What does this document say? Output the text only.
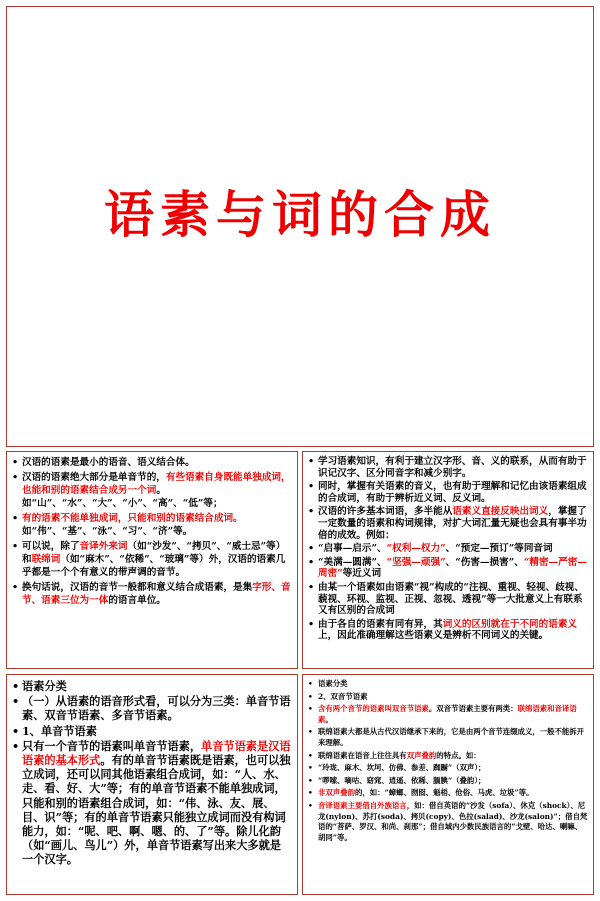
语素与词的合成
• 汉语的语素是最小的语音、语义结合体。
• 汉语的语素绝大部分是单音节的，有些语素自身既能单独成词，也能和别的语素结合成另一个词。如“山”、“水”、“大”、“小”、“高”、“低”等；
• 有的语素不能单独成词，只能和别的语素结合成词。如“伟”、“基”、“泳”、“习”、“济”等。
• 可以说，除了音译外来词（如“沙发”、“拷贝”、“威士忌”等）和联绵词（如“麻木”、“依稀”、“玻璃”等）外，汉语的语素几乎都是一个个有意义的带声调的音节。
• 换句话说，汉语的音节一般都和意义结合成语素，是集字形、音节、语素三位为一体的语言单位。
• 学习语素知识，有利于建立汉字形、音、义的联系，从而有助于识记汉字、区分同音字和减少别字。
• 同时，掌握有关语素的音义，也有助于理解和记忆由该语素组成的合成词，有助于辨析近义词、反义词。
• 汉语的许多基本词语，多半能从语素义直接反映出词义，掌握了一定数量的语素和构词规律，对扩大词汇量无疑也会具有事半功倍的成效。例如：
• “启事—启示”、“权利—权力”、“预定—预订”等同音词
• “美满—圆满”、“坚强—顽强”、“伤害—损害”、“精密—严密—周密”等近义词
• 由某一个语素如由语素“视”构成的“注视、重视、轻视、歧视、藐视、环视、监视、正视、忽视、透视”等一大批意义上有联系又有区别的合成词
• 由于各自的语素有同有异，其词义的区别就在于不同的语素义上，因此准确理解这些语素义是辨析不同词义的关键。
• 语素分类
• （一）从语素的语音形式看，可以分为三类：单音节语素、双音节语素、多音节语素。
• 1、单音节语素
• 只有一个音节的语素叫单音节语素，单音节语素是汉语语素的基本形式。有的单音节语素既是语素，也可以独立成词，还可以同其他语素组合成词，如：“人、水、走、看、好、大”等；有的单音节语素不能单独成词，只能和别的语素组合成词，如：“伟、泳、友、展、目、识”等；有的单音节语素只能独立成词而没有构词能力，如：“呢、吧、啊、嗯、的、了”等。除儿化韵（如“画儿、鸟儿”）外，单音节语素写出来大多就是一个汉字。
• 语素分类
• 2、双音节语素
• 含有两个音节的语素叫双音节语素。双音节语素主要有两类：联绵语素和音译语素。
• 联绵语素大都是从古代汉语继承下来的，它是由两个音节连缀成义，一般不能拆开来理解。
• 联绵语素在语音上往往具有双声叠韵的特点。如：
• “玲珑、麻木、坎坷、仿佛、参差、踟蹰”（双声）；
• “啰嗦、嘀咕、窈窕、逍遥、依稀、腼腆”（叠韵）；
• 非双声叠韵的，如：“蟑螂、囫囵、魁梧、伧俗、马虎、垃圾”等。
• 音译语素主要借自外族语言，如：借自英语的“沙发（sofa）、休克（shock）、尼龙(nylon)、苏打(soda)、拷贝(copy)、色拉(salad)、沙龙(salon)”；借自梵语的“菩萨、罗汉、和尚、刹那”；借自域内少数民族语言的“戈壁、哈达、喇嘛、胡同”等。
